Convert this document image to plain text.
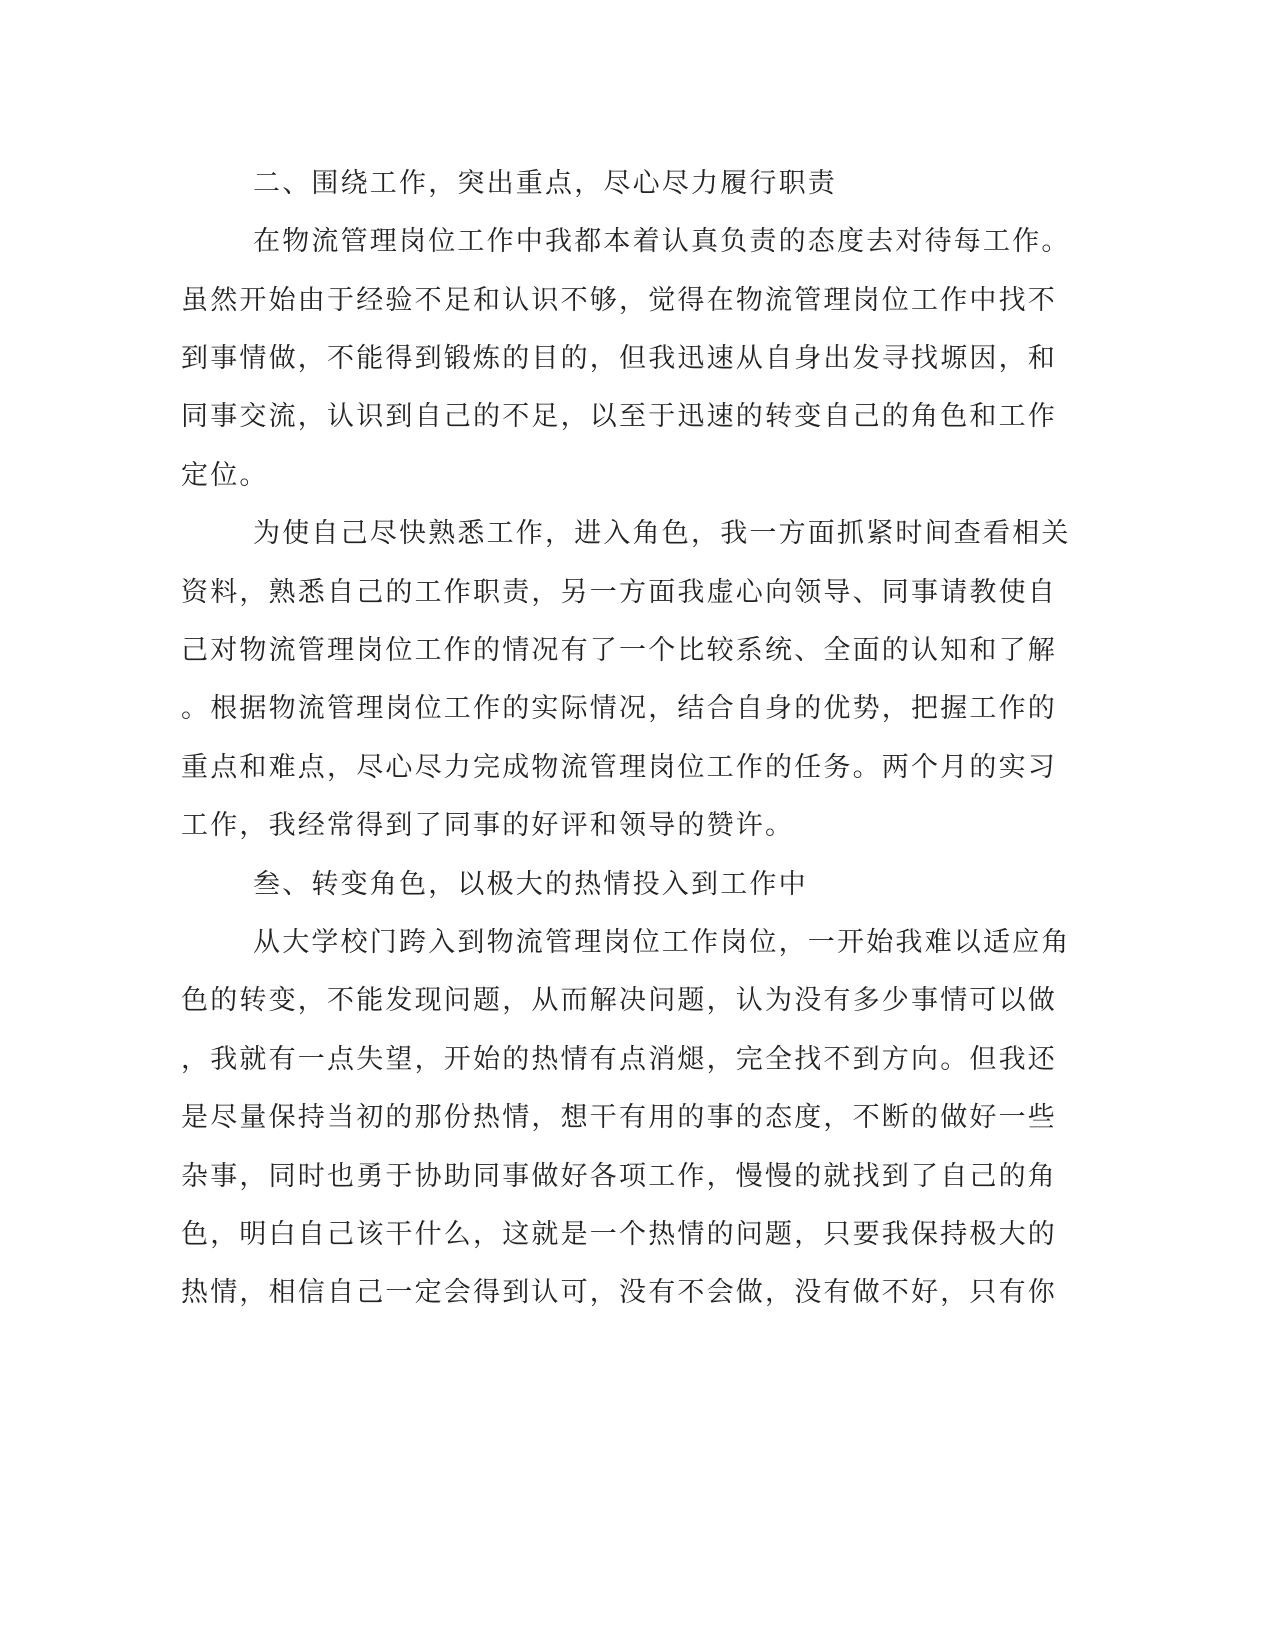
二、围绕工作，突出重点，尽心尽力履行职责
在物流管理岗位工作中我都本着认真负责的态度去对待每工作。
虽然开始由于经验不足和认识不够，觉得在物流管理岗位工作中找不
到事情做，不能得到锻炼的目的，但我迅速从自身出发寻找塬因，和
同事交流，认识到自己的不足，以至于迅速的转变自己的角色和工作
定位。
为使自己尽快熟悉工作，进入角色，我一方面抓紧时间查看相关
资料，熟悉自己的工作职责，另一方面我虚心向领导、同事请教使自
己对物流管理岗位工作的情况有了一个比较系统、全面的认知和了解
。根据物流管理岗位工作的实际情况，结合自身的优势，把握工作的
重点和难点，尽心尽力完成物流管理岗位工作的任务。两个月的实习
工作，我经常得到了同事的好评和领导的赞许。
叁、转变角色，以极大的热情投入到工作中
从大学校门跨入到物流管理岗位工作岗位，一开始我难以适应角
色的转变，不能发现问题，从而解决问题，认为没有多少事情可以做
，我就有一点失望，开始的热情有点消煺，完全找不到方向。但我还
是尽量保持当初的那份热情，想干有用的事的态度，不断的做好一些
杂事，同时也勇于协助同事做好各项工作，慢慢的就找到了自己的角
色，明白自己该干什么，这就是一个热情的问题，只要我保持极大的
热情，相信自己一定会得到认可，没有不会做，没有做不好，只有你
